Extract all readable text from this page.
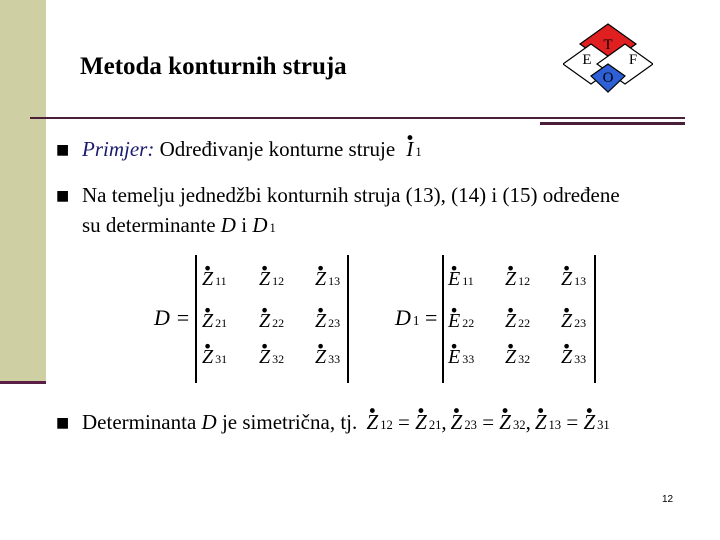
Metoda konturnih struja
T
E F
O
■ Primjer: Određivanje konturne struje • I 1
■ Na temelju jednedžbi konturnih struja (13), (14) i (15) određene
su determinante D i D 1
D =
• Z 11 • Z 12 • Z 13
• Z 21 • Z 22 • Z 23
• Z 31 • Z 32 • Z 33
D 1 =
• E 11 • Z 12 • Z 13
• E 22 • Z 22 • Z 23
• E 33 • Z 32 • Z 33
■ Determinanta D je simetrična, tj. • Z 12 = • Z 21, • Z 23 = • Z 32, • Z 13 = • Z 31
12
